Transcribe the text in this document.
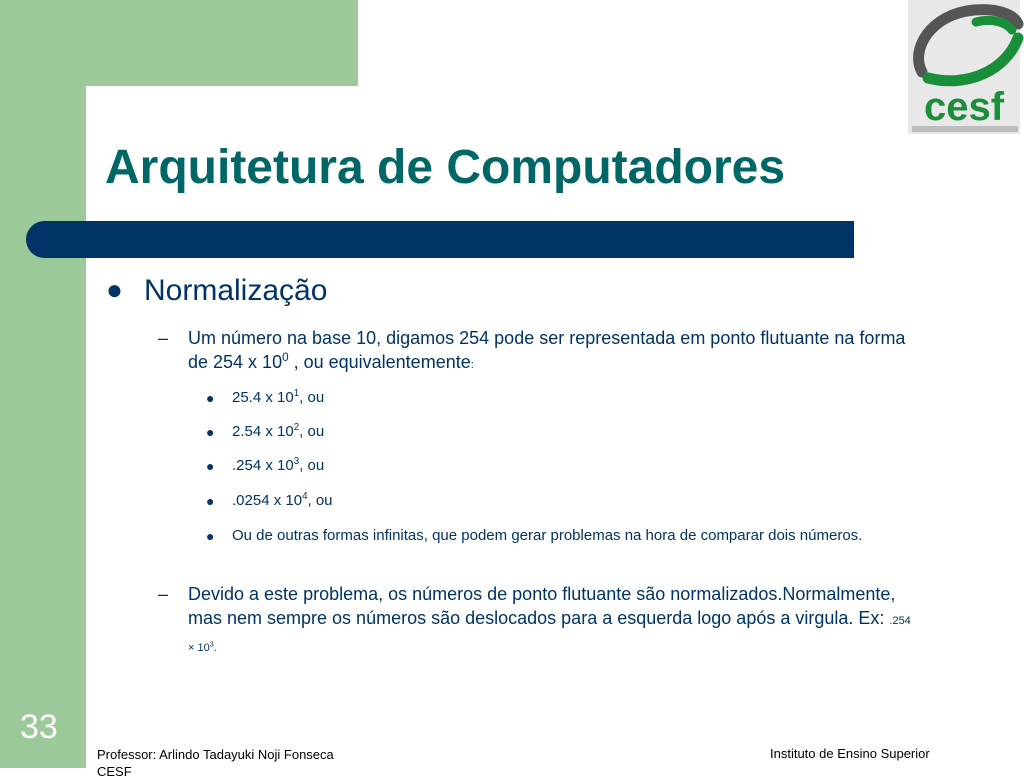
cesf
Arquitetura de Computadores
● Normalização
– Um número na base 10, digamos 254 pode ser representada em ponto flutuante na forma de 254 x $10^0$ , ou equivalentemente:
● 25.4 x $10^1$, ou
● 2.54 x $10^2$, ou
● .254 x $10^3$, ou
● .0254 x $10^4$, ou
● Ou de outras formas infinitas, que podem gerar problemas na hora de comparar dois números.
– Devido a este problema, os números de ponto flutuante são normalizados.Normalmente, mas nem sempre os números são deslocados para a esquerda logo após a virgula. Ex: $.254 \times 10^3$.
33
Professor: Arlindo Tadayuki Noji Fonseca CESF
Instituto de Ensino Superior
